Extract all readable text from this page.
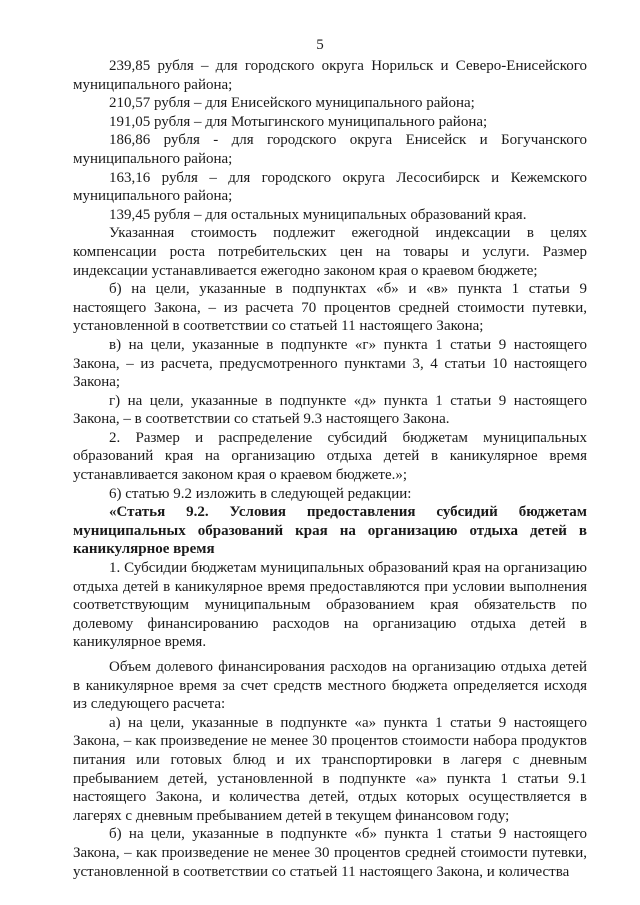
5

239,85 рубля – для городского округа Норильск и Северо-Енисейского муниципального района;

210,57 рубля – для Енисейского муниципального района;

191,05 рубля – для Мотыгинского муниципального района;

186,86 рубля - для городского округа Енисейск и Богучанского муниципального района;

163,16 рубля – для городского округа Лесосибирск и Кежемского муниципального района;

139,45 рубля – для остальных муниципальных образований края.

Указанная стоимость подлежит ежегодной индексации в целях компенсации роста потребительских цен на товары и услуги. Размер индексации устанавливается ежегодно законом края о краевом бюджете;

б) на цели, указанные в подпунктах «б» и «в» пункта 1 статьи 9 настоящего Закона, – из расчета 70 процентов средней стоимости путевки, установленной в соответствии со статьей 11 настоящего Закона;

в) на цели, указанные в подпункте «г» пункта 1 статьи 9 настоящего Закона, – из расчета, предусмотренного пунктами 3, 4 статьи 10 настоящего Закона;

г) на цели, указанные в подпункте «д» пункта 1 статьи 9 настоящего Закона, – в соответствии со статьей 9.3 настоящего Закона.

2. Размер и распределение субсидий бюджетам муниципальных образований края на организацию отдыха детей в каникулярное время устанавливается законом края о краевом бюджете.»;

6) статью 9.2 изложить в следующей редакции:

«Статья 9.2. Условия предоставления субсидий бюджетам муниципальных образований края на организацию отдыха детей в каникулярное время

1. Субсидии бюджетам муниципальных образований края на организацию отдыха детей в каникулярное время предоставляются при условии выполнения соответствующим муниципальным образованием края обязательств по долевому финансированию расходов на организацию отдыха детей в каникулярное время.

Объем долевого финансирования расходов на организацию отдыха детей в каникулярное время за счет средств местного бюджета определяется исходя из следующего расчета:

а) на цели, указанные в подпункте «а» пункта 1 статьи 9 настоящего Закона, – как произведение не менее 30 процентов стоимости набора продуктов питания или готовых блюд и их транспортировки в лагеря с дневным пребыванием детей, установленной в подпункте «а» пункта 1 статьи 9.1 настоящего Закона, и количества детей, отдых которых осуществляется в лагерях с дневным пребыванием детей в текущем финансовом году;

б) на цели, указанные в подпункте «б» пункта 1 статьи 9 настоящего Закона, – как произведение не менее 30 процентов средней стоимости путевки, установленной в соответствии со статьей 11 настоящего Закона, и количества
